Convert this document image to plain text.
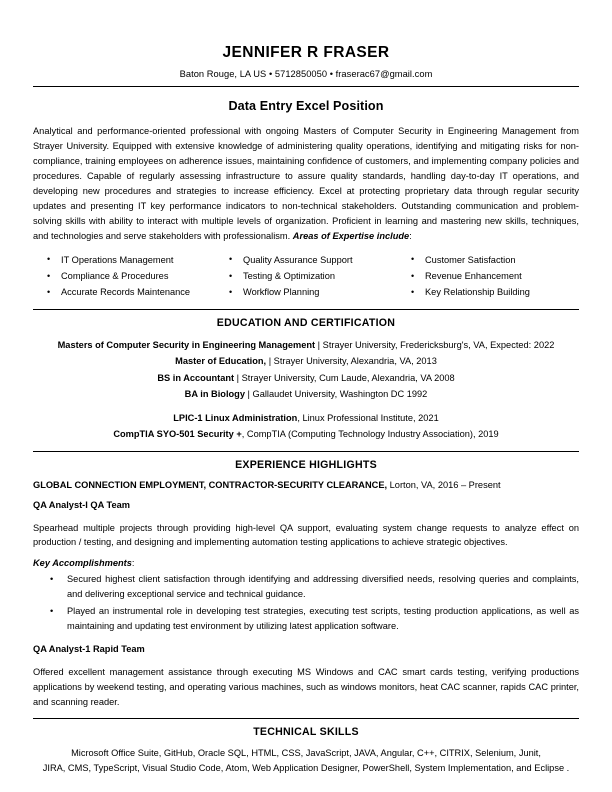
JENNIFER R FRASER
Baton Rouge, LA US • 5712850050 • fraserac67@gmail.com
Data Entry Excel Position

Analytical and performance-oriented professional with ongoing Masters of Computer Security in Engineering Management from Strayer University. Equipped with extensive knowledge of administering quality operations, identifying and mitigating risks for non-compliance, training employees on adherence issues, maintaining confidence of customers, and implementing company policies and procedures. Capable of regularly assessing infrastructure to assure quality standards, handling day-to-day IT operations, and developing new procedures and strategies to increase efficiency. Excel at protecting proprietary data through regular security updates and presenting IT key performance indicators to non-technical stakeholders. Outstanding communication and problem-solving skills with ability to interact with multiple levels of organization. Proficient in learning and mastering new skills, techniques, and technologies and serve stakeholders with professionalism. Areas of Expertise include:

• IT Operations Management
• Compliance & Procedures
• Accurate Records Maintenance
• Quality Assurance Support
• Testing & Optimization
• Workflow Planning
• Customer Satisfaction
• Revenue Enhancement
• Key Relationship Building
EDUCATION AND CERTIFICATION
Masters of Computer Security in Engineering Management | Strayer University, Fredericksburg's, VA, Expected: 2022
Master of Education, | Strayer University, Alexandria, VA, 2013
BS in Accountant | Strayer University, Cum Laude, Alexandria, VA 2008
BA in Biology | Gallaudet University, Washington DC 1992
LPIC-1 Linux Administration, Linux Professional Institute, 2021
CompTIA SYO-501 Security +, CompTIA (Computing Technology Industry Association), 2019
EXPERIENCE HIGHLIGHTS
GLOBAL CONNECTION EMPLOYMENT, CONTRACTOR-SECURITY CLEARANCE, Lorton, VA, 2016 – Present
QA Analyst-I QA Team

Spearhead multiple projects through providing high-level QA support, evaluating system change requests to analyze effect on production / testing, and designing and implementing automation testing applications to achieve strategic objectives.

Key Accomplishments:
• Secured highest client satisfaction through identifying and addressing diversified needs, resolving queries and complaints, and delivering exceptional service and technical guidance.
• Played an instrumental role in developing test strategies, executing test scripts, testing production applications, as well as maintaining and updating test environment by utilizing latest application software.
QA Analyst-1 Rapid Team

Offered excellent management assistance through executing MS Windows and CAC smart cards testing, verifying productions applications by weekend testing, and operating various machines, such as windows monitors, heat CAC scanner, rapids CAC printer, and scanning reader.

TECHNICAL SKILLS
Microsoft Office Suite, GitHub, Oracle SQL, HTML, CSS, JavaScript, JAVA, Angular, C++, CITRIX, Selenium, Junit,
JIRA, CMS, TypeScript, Visual Studio Code, Atom, Web Application Designer, PowerShell, System Implementation, and Eclipse .
